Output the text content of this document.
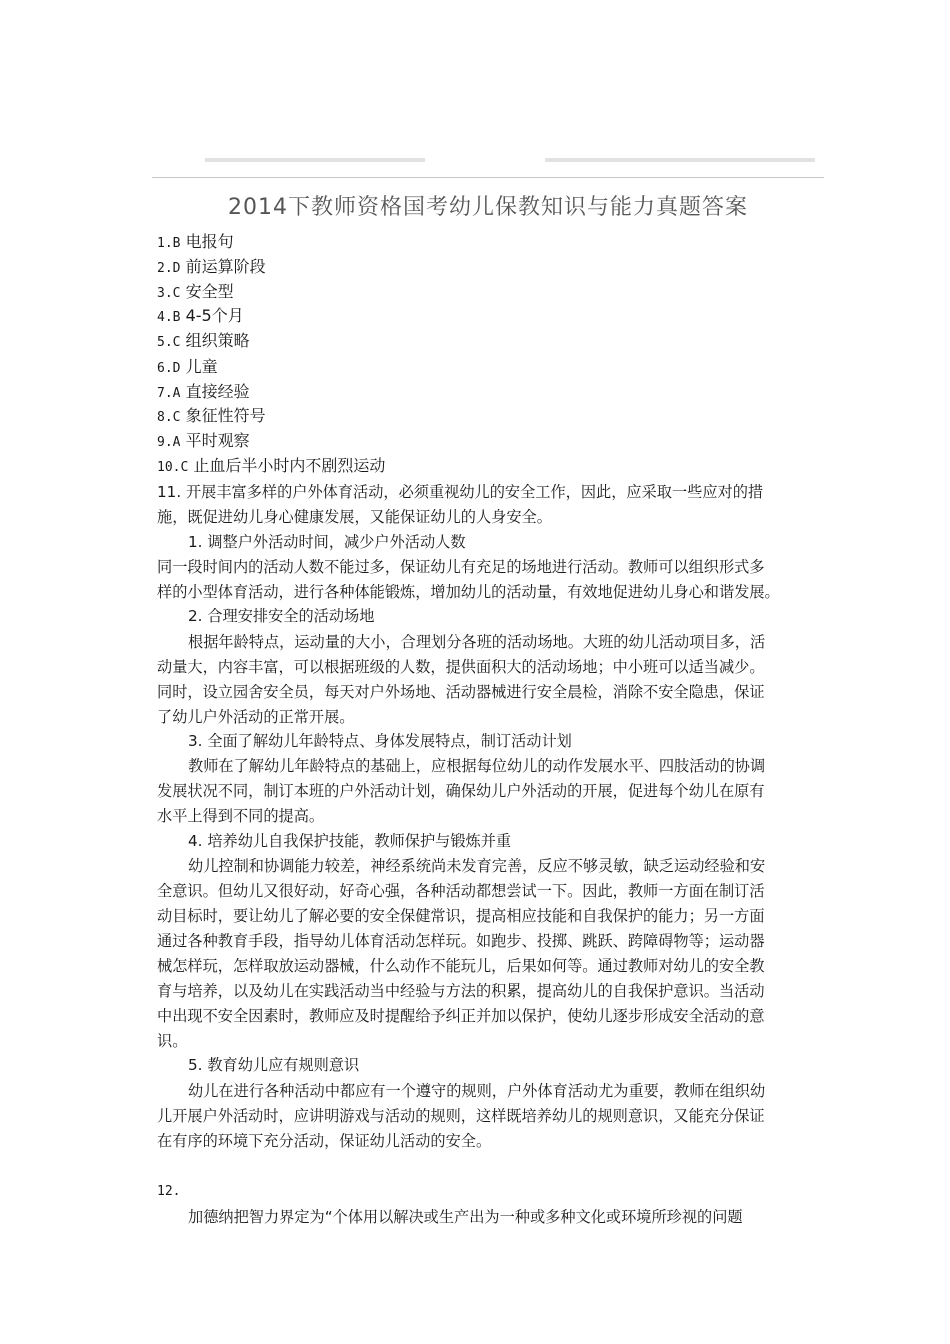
2014下教师资格国考幼儿保教知识与能力真题答案
1.B 电报句
2.D 前运算阶段
3.C 安全型
4.B 4-5个月
5.C 组织策略
6.D 儿童
7.A 直接经验
8.C 象征性符号
9.A 平时观察
10.C 止血后半小时内不剧烈运动
11. 开展丰富多样的户外体育活动，必须重视幼儿的安全工作，因此，应采取一些应对的措
施，既促进幼儿身心健康发展，又能保证幼儿的人身安全。
1. 调整户外活动时间，减少户外活动人数
同一段时间内的活动人数不能过多，保证幼儿有充足的场地进行活动。教师可以组织形式多
样的小型体育活动，进行各种体能锻炼，增加幼儿的活动量，有效地促进幼儿身心和谐发展。
2. 合理安排安全的活动场地
根据年龄特点，运动量的大小，合理划分各班的活动场地。大班的幼儿活动项目多，活
动量大，内容丰富，可以根据班级的人数，提供面积大的活动场地；中小班可以适当减少。
同时，设立园舍安全员，每天对户外场地、活动器械进行安全晨检，消除不安全隐患，保证
了幼儿户外活动的正常开展。
3. 全面了解幼儿年龄特点、身体发展特点，制订活动计划
教师在了解幼儿年龄特点的基础上，应根据每位幼儿的动作发展水平、四肢活动的协调
发展状况不同，制订本班的户外活动计划，确保幼儿户外活动的开展，促进每个幼儿在原有
水平上得到不同的提高。
4. 培养幼儿自我保护技能，教师保护与锻炼并重
幼儿控制和协调能力较差，神经系统尚未发育完善，反应不够灵敏，缺乏运动经验和安
全意识。但幼儿又很好动，好奇心强，各种活动都想尝试一下。因此，教师一方面在制订活
动目标时，要让幼儿了解必要的安全保健常识，提高相应技能和自我保护的能力；另一方面
通过各种教育手段，指导幼儿体育活动怎样玩。如跑步、投掷、跳跃、跨障碍物等；运动器
械怎样玩，怎样取放运动器械，什么动作不能玩儿，后果如何等。通过教师对幼儿的安全教
育与培养，以及幼儿在实践活动当中经验与方法的积累，提高幼儿的自我保护意识。当活动
中出现不安全因素时，教师应及时提醒给予纠正并加以保护，使幼儿逐步形成安全活动的意
识。
5. 教育幼儿应有规则意识
幼儿在进行各种活动中都应有一个遵守的规则，户外体育活动尤为重要，教师在组织幼
儿开展户外活动时，应讲明游戏与活动的规则，这样既培养幼儿的规则意识，又能充分保证
在有序的环境下充分活动，保证幼儿活动的安全。
12.
加德纳把智力界定为“个体用以解决或生产出为一种或多种文化或环境所珍视的问题
